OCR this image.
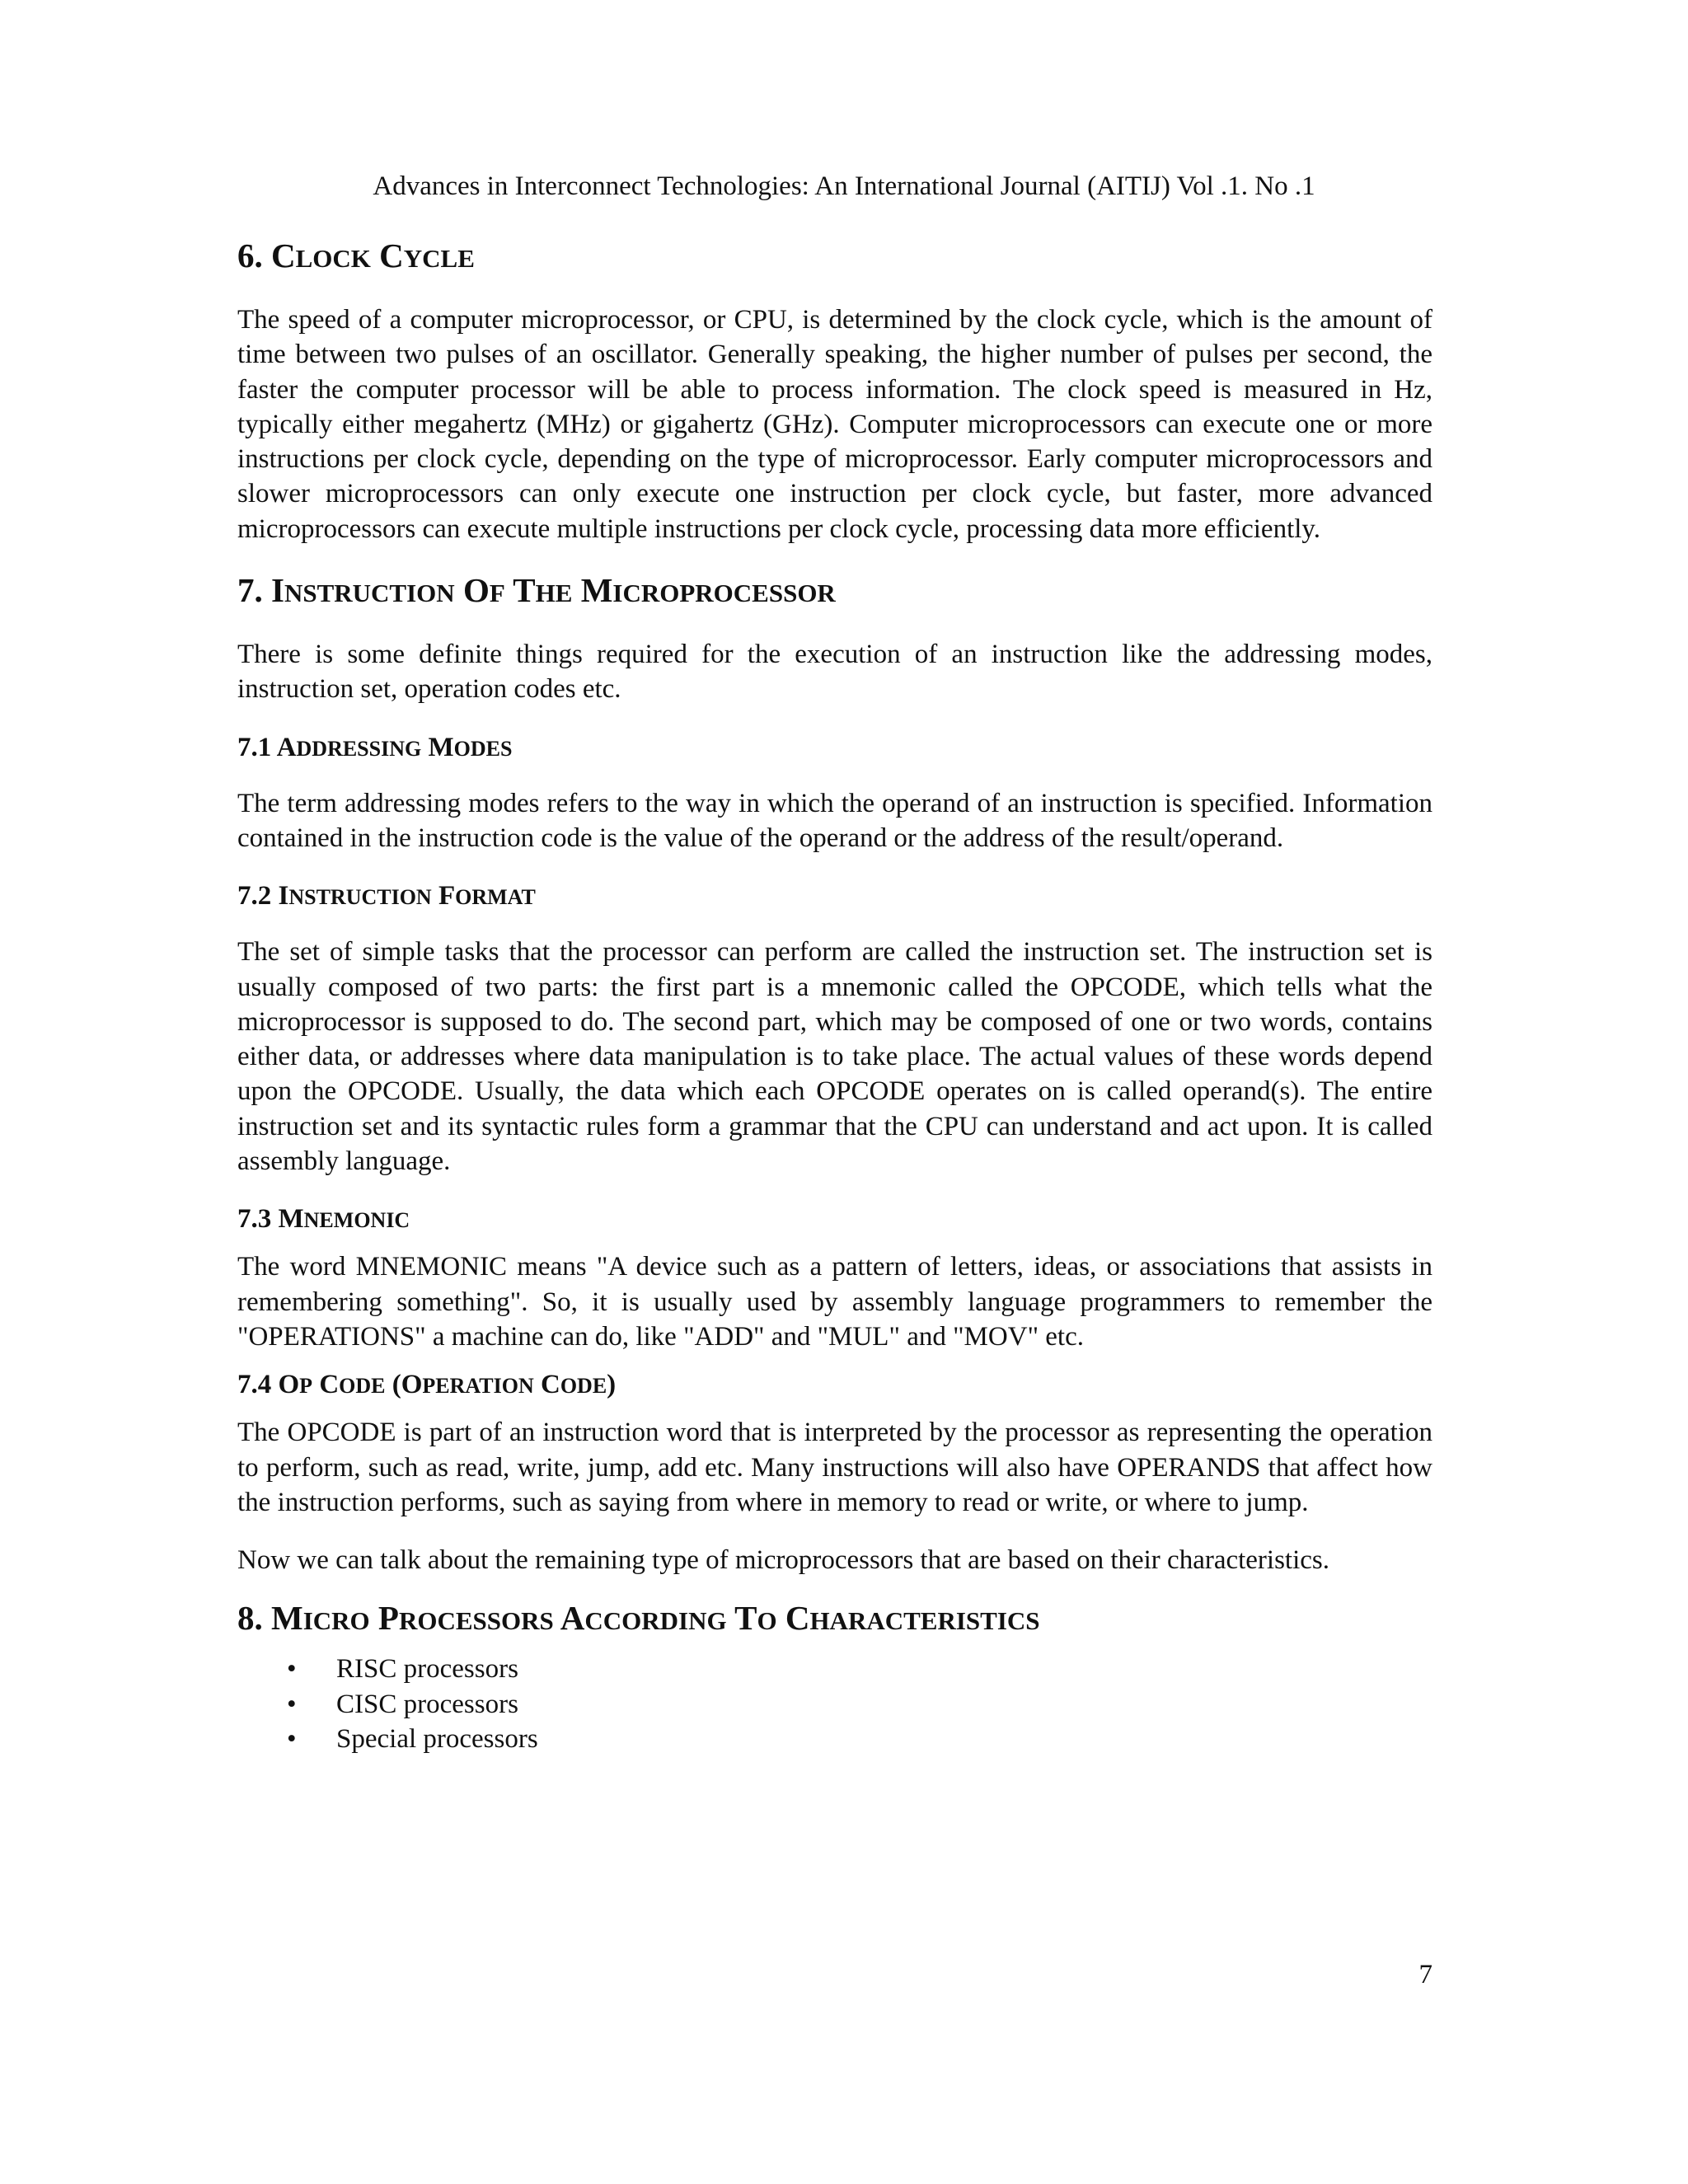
Advances in Interconnect Technologies: An International Journal (AITIJ) Vol .1. No .1
6. CLOCK CYCLE

The speed of a computer microprocessor, or CPU, is determined by the clock cycle, which is the amount of time between two pulses of an oscillator. Generally speaking, the higher number of pulses per second, the faster the computer processor will be able to process information. The clock speed is measured in Hz, typically either megahertz (MHz) or gigahertz (GHz). Computer microprocessors can execute one or more instructions per clock cycle, depending on the type of microprocessor. Early computer microprocessors and slower microprocessors can only execute one instruction per clock cycle, but faster, more advanced microprocessors can execute multiple instructions per clock cycle, processing data more efficiently.

7. INSTRUCTION OF THE MICROPROCESSOR

There is some definite things required for the execution of an instruction like the addressing modes, instruction set, operation codes etc.

7.1 ADDRESSING MODES

The term addressing modes refers to the way in which the operand of an instruction is specified. Information contained in the instruction code is the value of the operand or the address of the result/operand.

7.2 INSTRUCTION FORMAT

The set of simple tasks that the processor can perform are called the instruction set. The instruction set is usually composed of two parts: the first part is a mnemonic called the OPCODE, which tells what the microprocessor is supposed to do. The second part, which may be composed of one or two words, contains either data, or addresses where data manipulation is to take place. The actual values of these words depend upon the OPCODE. Usually, the data which each OPCODE operates on is called operand(s). The entire instruction set and its syntactic rules form a grammar that the CPU can understand and act upon. It is called assembly language.

7.3 MNEMONIC

The word MNEMONIC means "A device such as a pattern of letters, ideas, or associations that assists in remembering something". So, it is usually used by assembly language programmers to remember the "OPERATIONS" a machine can do, like "ADD" and "MUL" and "MOV" etc.

7.4 OP CODE (OPERATION CODE)

The OPCODE is part of an instruction word that is interpreted by the processor as representing the operation to perform, such as read, write, jump, add etc. Many instructions will also have OPERANDS that affect how the instruction performs, such as saying from where in memory to read or write, or where to jump.

Now we can talk about the remaining type of microprocessors that are based on their characteristics.

8. MICRO PROCESSORS ACCORDING TO CHARACTERISTICS
• RISC processors
• CISC processors
• Special processors
7
